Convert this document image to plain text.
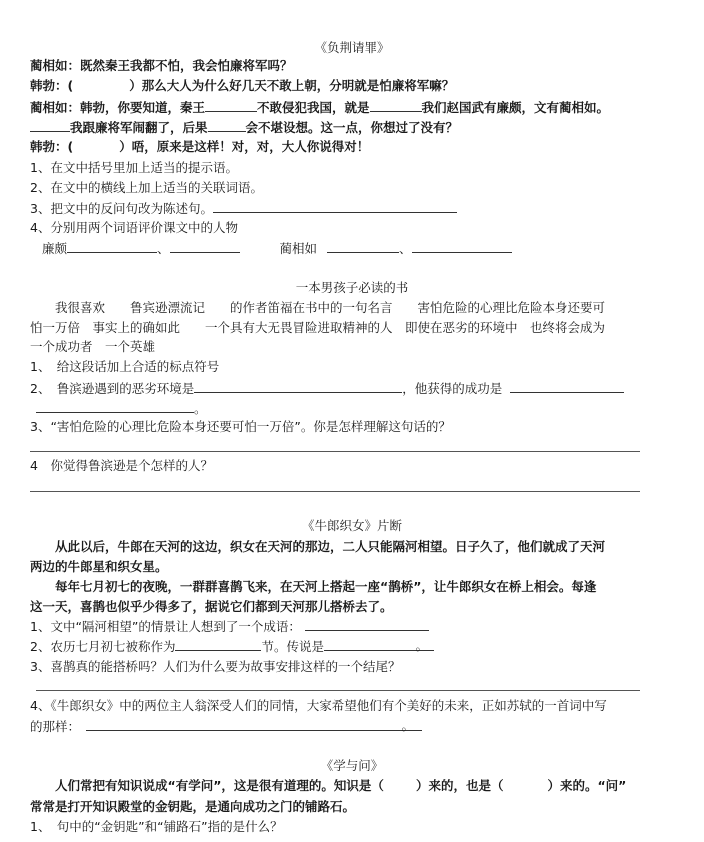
《负荆请罪》
蔺相如：既然秦王我都不怕，我会怕廉将军吗？
韩勃：(	）那么大人为什么好几天不敢上朝，分明就是怕廉将军嘛？
蔺相如：韩勃，你要知道，秦王	不敢侵犯我国，就是	我们赵国武有廉颇，文有蔺相如。
我跟廉将军闹翻了，后果	会不堪设想。这一点，你想过了没有？
韩勃：(	）唔，原来是这样！对，对，大人你说得对！
1、在文中括号里加上适当的提示语。
2、在文中的横线上加上适当的关联词语。
3、把文中的反问句改为陈述句。
4、分别用两个词语评价课文中的人物
廉颇	、	蔺相如	、
一本男孩子必读的书
我很喜欢　　鲁宾逊漂流记　　的作者笛福在书中的一句名言　　害怕危险的心理比危险本身还要可
怕一万倍　事实上的确如此　　一个具有大无畏冒险进取精神的人　即使在恶劣的环境中　也终将会成为
一个成功者　一个英雄
1、　给这段话加上合适的标点符号
2、　鲁滨逊遇到的恶劣环境是	，他获得的成功是
。
3、“害怕危险的心理比危险本身还要可怕一万倍”。你是怎样理解这句话的？
4　你觉得鲁滨逊是个怎样的人？
《牛郎织女》片断
从此以后，牛郎在天河的这边，织女在天河的那边，二人只能隔河相望。日子久了，他们就成了天河
两边的牛郎星和织女星。
每年七月初七的夜晚，一群群喜鹊飞来，在天河上搭起一座“鹊桥”，让牛郎织女在桥上相会。每逢
这一天，喜鹊也似乎少得多了，据说它们都到天河那儿搭桥去了。
1、文中“隔河相望”的情景让人想到了一个成语：
2、农历七月初七被称作为	节。传说是	。
3、喜鹊真的能搭桥吗？人们为什么要为故事安排这样的一个结尾？
4、《牛郎织女》中的两位主人翁深受人们的同情，大家希望他们有个美好的未来，正如苏轼的一首词中写
的那样：	。
《学与问》
人们常把有知识说成“有学问”，这是很有道理的。知识是（	）来的，也是（	）来的。“问”
常常是打开知识殿堂的金钥匙，是通向成功之门的铺路石。
1、　句中的“金钥匙”和“铺路石”指的是什么？
